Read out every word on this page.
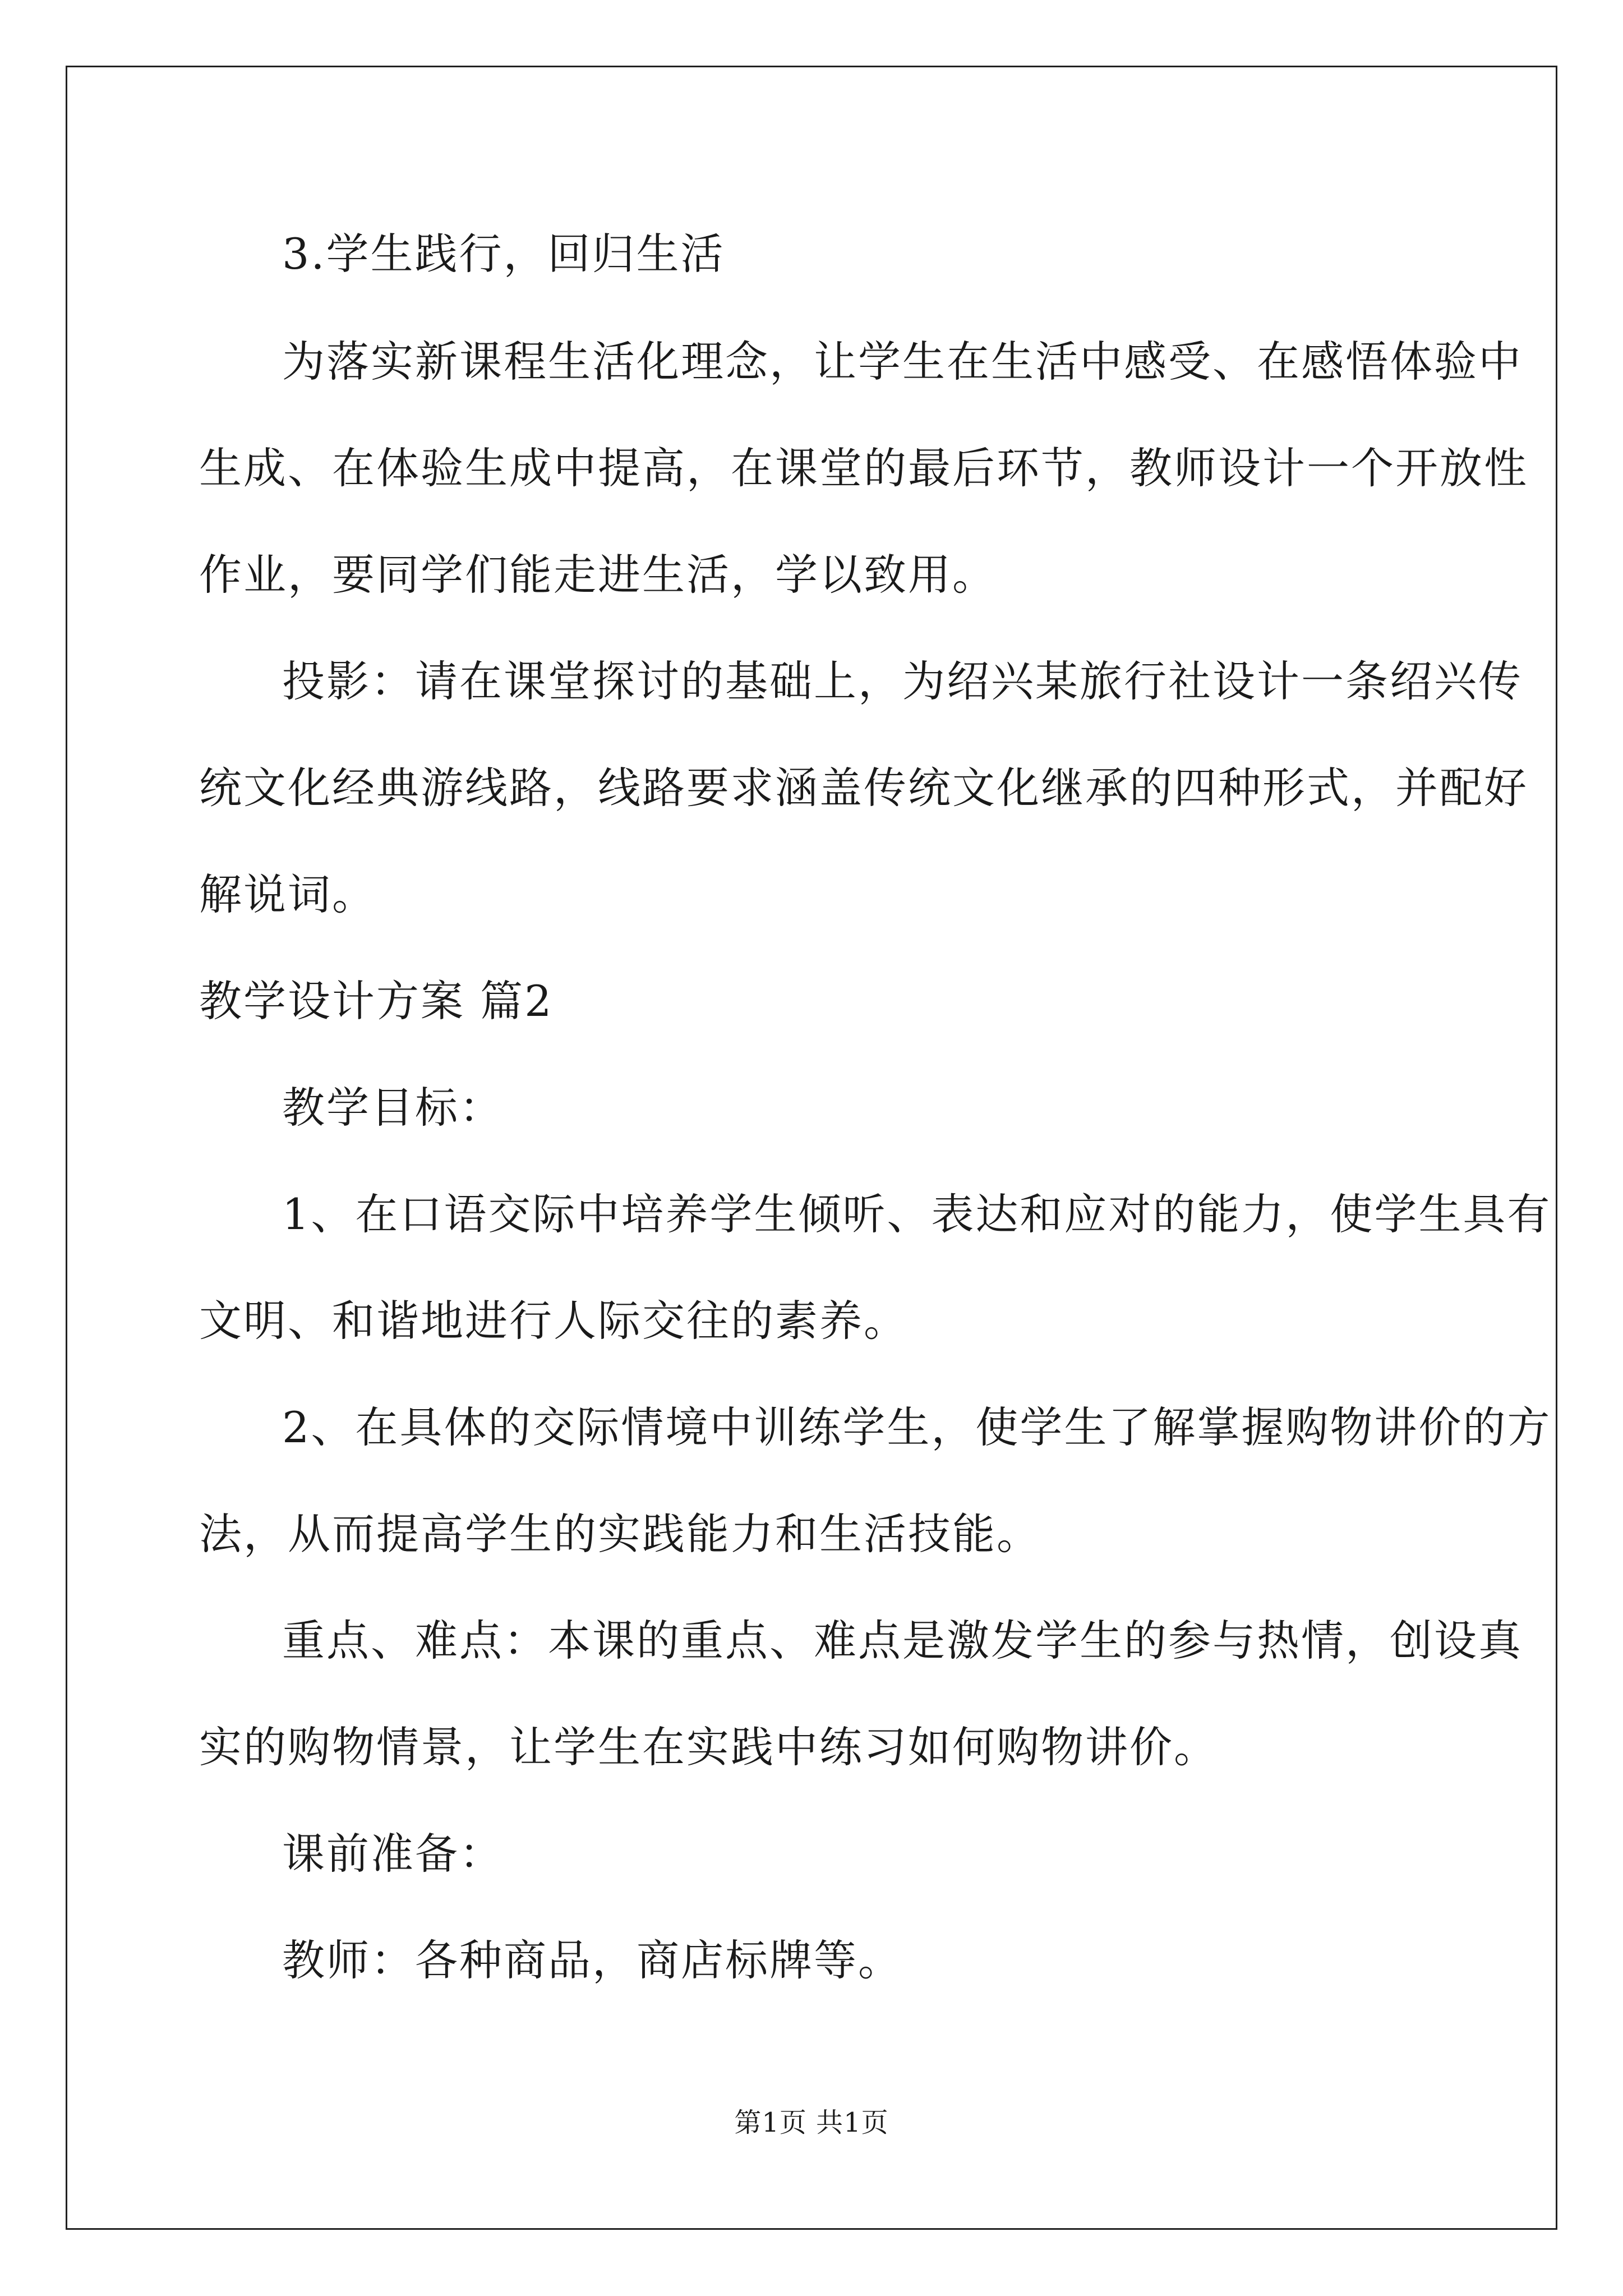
3.学生践行，回归生活
为落实新课程生活化理念，让学生在生活中感受、在感悟体验中
生成、在体验生成中提高，在课堂的最后环节，教师设计一个开放性
作业，要同学们能走进生活，学以致用。
投影：请在课堂探讨的基础上，为绍兴某旅行社设计一条绍兴传
统文化经典游线路，线路要求涵盖传统文化继承的四种形式，并配好
解说词。
教学设计方案 篇2
教学目标：
1、在口语交际中培养学生倾听、表达和应对的能力，使学生具有
文明、和谐地进行人际交往的素养。
2、在具体的交际情境中训练学生，使学生了解掌握购物讲价的方
法，从而提高学生的实践能力和生活技能。
重点、难点：本课的重点、难点是激发学生的参与热情，创设真
实的购物情景，让学生在实践中练习如何购物讲价。
课前准备：
教师：各种商品，商店标牌等。
第1页 共1页
